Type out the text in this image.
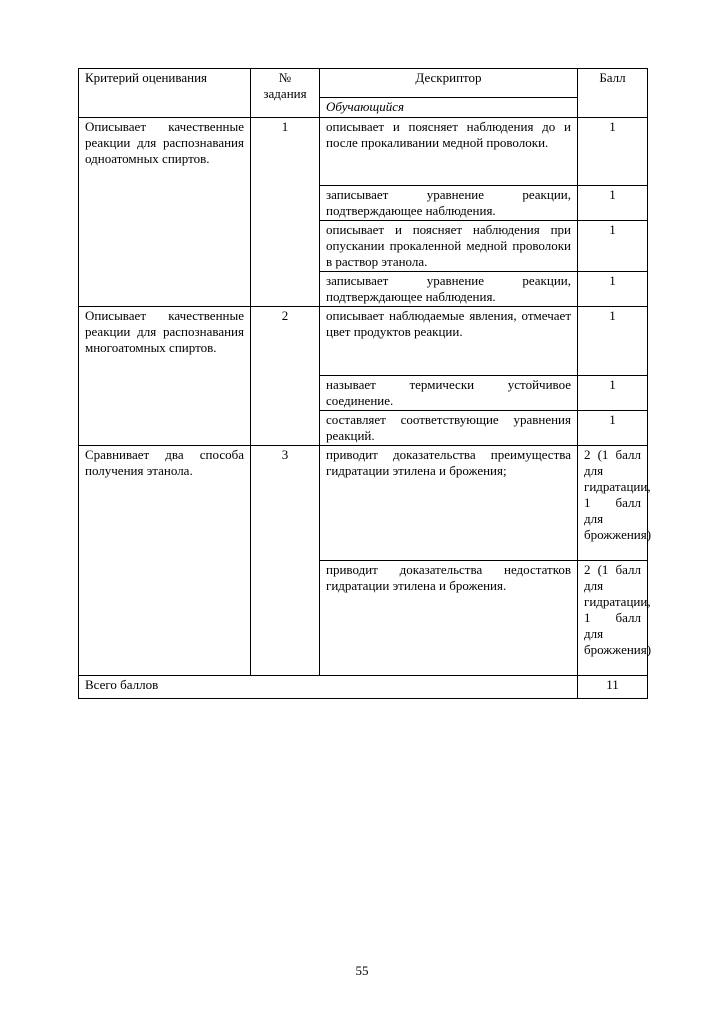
Критерий оценивания	№ задания	Дескриптор	Балл
		Обучающийся	
Описывает качественные реакции для распознавания одноатомных спиртов.	1	описывает и поясняет наблюдения до и после прокаливании медной проволоки.	1
		записывает уравнение реакции, подтверждающее наблюдения.	1
		описывает и поясняет наблюдения при опускании прокаленной медной проволоки в раствор этанола.	1
		записывает уравнение реакции, подтверждающее наблюдения.	1
Описывает качественные реакции для распознавания многоатомных спиртов.	2	описывает наблюдаемые явления, отмечает цвет продуктов реакции.	1
		называет термически устойчивое соединение.	1
		составляет соответствующие уравнения реакций.	1
Сравнивает два способа получения этанола.	3	приводит доказательства преимущества гидратации этилена и брожения;	2 (1 балл для гидратации, 1 балл для брожжения)
		приводит доказательства недостатков гидратации этилена и брожения.	2 (1 балл для гидратации, 1 балл для брожжения)
Всего баллов			11
55
